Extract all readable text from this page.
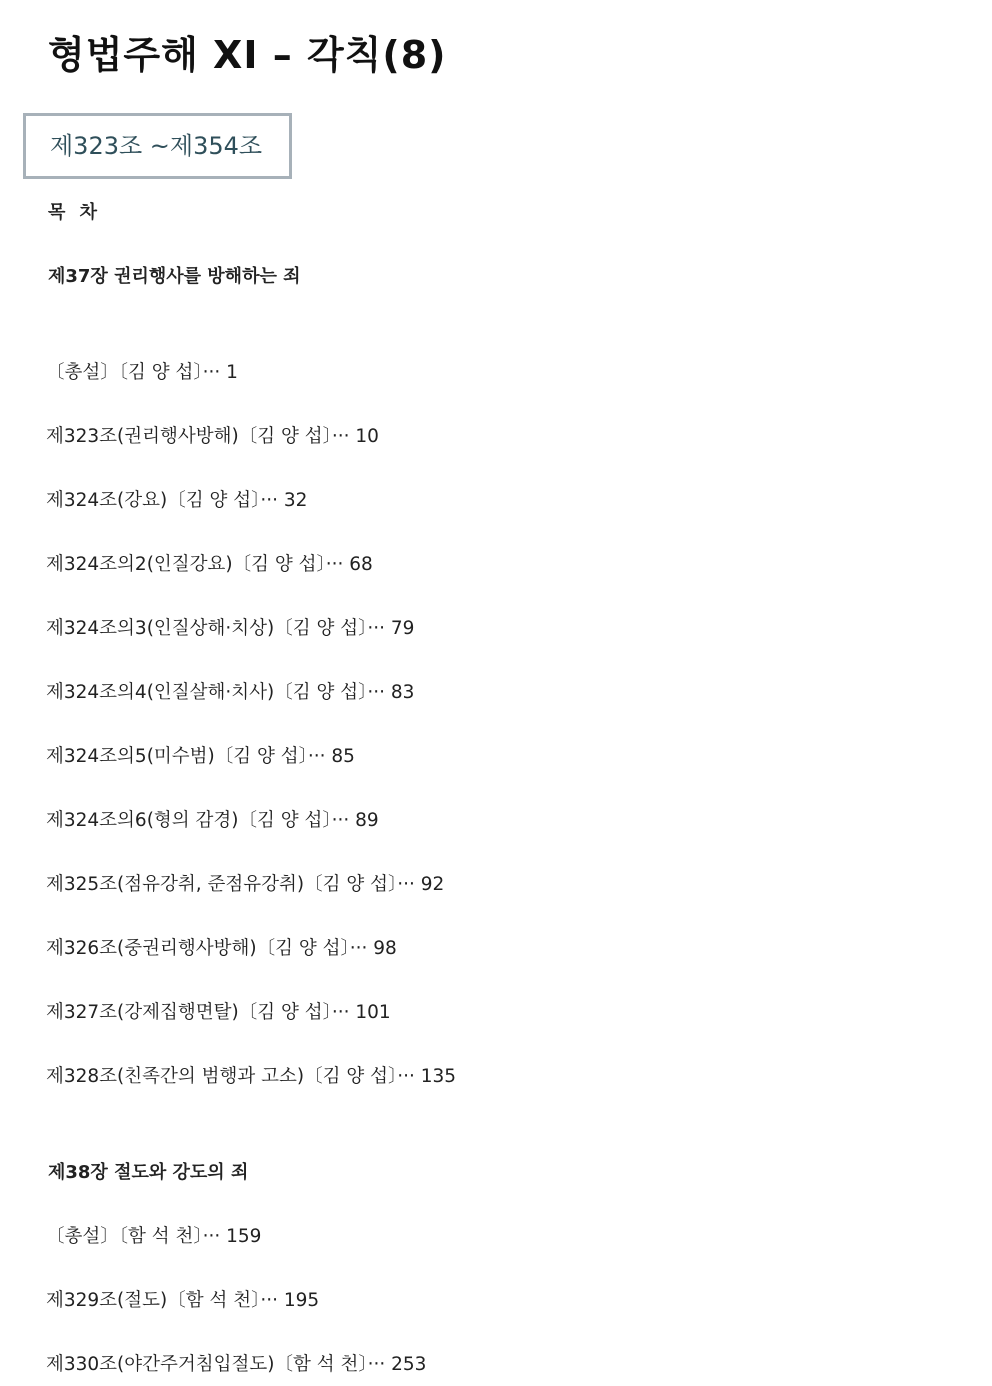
형법주해 ⅩⅠ – 각칙(8)
제323조 ~제354조
목 차
제37장 권리행사를 방해하는 죄
〔총설〕〔김 양 섭〕··· 1
제323조(권리행사방해)〔김 양 섭〕··· 10
제324조(강요)〔김 양 섭〕··· 32
제324조의2(인질강요)〔김 양 섭〕··· 68
제324조의3(인질상해·치상)〔김 양 섭〕··· 79
제324조의4(인질살해·치사)〔김 양 섭〕··· 83
제324조의5(미수범)〔김 양 섭〕··· 85
제324조의6(형의 감경)〔김 양 섭〕··· 89
제325조(점유강취, 준점유강취)〔김 양 섭〕··· 92
제326조(중권리행사방해)〔김 양 섭〕··· 98
제327조(강제집행면탈)〔김 양 섭〕··· 101
제328조(친족간의 범행과 고소)〔김 양 섭〕··· 135
제38장 절도와 강도의 죄
〔총설〕〔함 석 천〕··· 159
제329조(절도)〔함 석 천〕··· 195
제330조(야간주거침입절도)〔함 석 천〕··· 253
